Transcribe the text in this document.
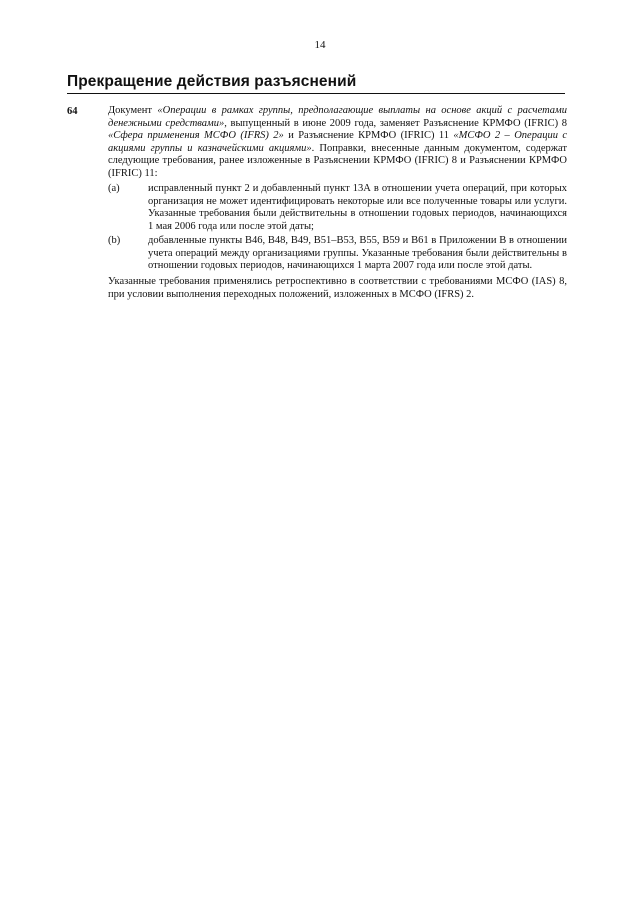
14
Прекращение действия разъяснений
64	Документ «Операции в рамках группы, предполагающие выплаты на основе акций с расчетами денежными средствами», выпущенный в июне 2009 года, заменяет Разъяснение КРМФО (IFRIC) 8 «Сфера применения МСФО (IFRS) 2» и Разъяснение КРМФО (IFRIC) 11 «МСФО 2 – Операции с акциями группы и казначейскими акциями». Поправки, внесенные данным документом, содержат следующие требования, ранее изложенные в Разъяснении КРМФО (IFRIC) 8 и Разъяснении КРМФО (IFRIC) 11:

(a)	исправленный пункт 2 и добавленный пункт 13А в отношении учета операций, при которых организация не может идентифицировать некоторые или все полученные товары или услуги. Указанные требования были действительны в отношении годовых периодов, начинающихся 1 мая 2006 года или после этой даты;

(b)	добавленные пункты В46, В48, В49, В51–В53, В55, В59 и В61 в Приложении В в отношении учета операций между организациями группы. Указанные требования были действительны в отношении годовых периодов, начинающихся 1 марта 2007 года или после этой даты.

Указанные требования применялись ретроспективно в соответствии с требованиями МСФО (IAS) 8, при условии выполнения переходных положений, изложенных в МСФО (IFRS) 2.
